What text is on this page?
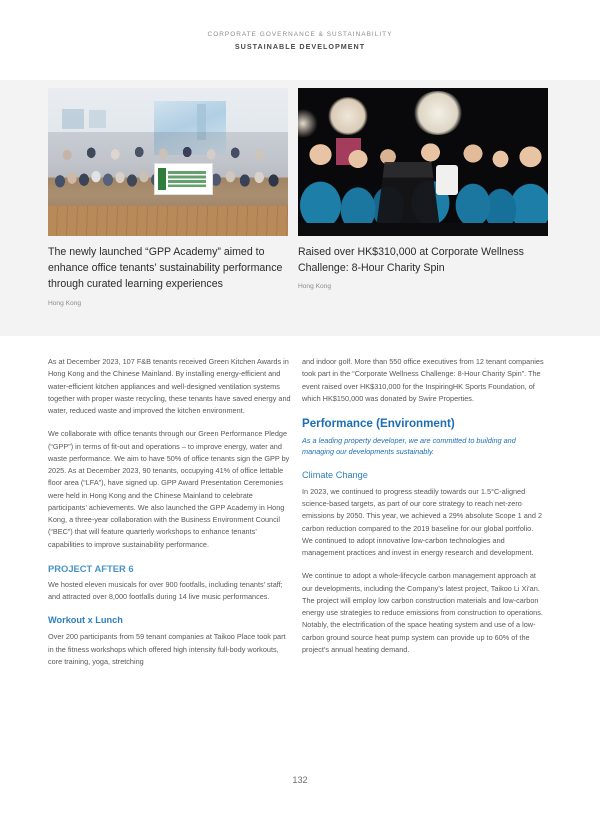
CORPORATE GOVERNANCE & SUSTAINABILITY
SUSTAINABLE DEVELOPMENT
The newly launched “GPP Academy” aimed to enhance office tenants’ sustainability performance through curated learning experiences
Hong Kong
Raised over HK$310,000 at Corporate Wellness Challenge: 8-Hour Charity Spin
Hong Kong

As at December 2023, 107 F&B tenants received Green Kitchen Awards in Hong Kong and the Chinese Mainland. By installing energy-efficient and water-efficient kitchen appliances and well-designed ventilation systems together with proper waste recycling, these tenants have saved energy and water, reduced waste and improved the kitchen environment.

We collaborate with office tenants through our Green Performance Pledge (“GPP”) in terms of fit-out and operations – to improve energy, water and waste performance. We aim to have 50% of office tenants sign the GPP by 2025. As at December 2023, 90 tenants, occupying 41% of office lettable floor area (“LFA”), have signed up. GPP Award Presentation Ceremonies were held in Hong Kong and the Chinese Mainland to celebrate participants’ achievements. We also launched the GPP Academy in Hong Kong, a three-year collaboration with the Business Environment Council (“BEC”) that will feature quarterly workshops to enhance tenants’ capabilities to improve sustainability performance.

PROJECT AFTER 6

We hosted eleven musicals for over 900 footfalls, including tenants’ staff; and attracted over 8,000 footfalls during 14 live music performances.

Workout x Lunch

Over 200 participants from 59 tenant companies at Taikoo Place took part in the fitness workshops which offered high intensity full-body workouts, core training, yoga, stretching

and indoor golf. More than 550 office executives from 12 tenant companies took part in the “Corporate Wellness Challenge: 8-Hour Charity Spin”. The event raised over HK$310,000 for the InspiringHK Sports Foundation, of which HK$150,000 was donated by Swire Properties.

Performance (Environment)

As a leading property developer, we are committed to building and managing our developments sustainably.

Climate Change

In 2023, we continued to progress steadily towards our 1.5°C-aligned science-based targets, as part of our core strategy to reach net-zero emissions by 2050. This year, we achieved a 29% absolute Scope 1 and 2 carbon reduction compared to the 2019 baseline for our global portfolio. We continued to adopt innovative low-carbon technologies and management practices and invest in energy research and development.

We continue to adopt a whole-lifecycle carbon management approach at our developments, including the Company’s latest project, Taikoo Li Xi’an. The project will employ low carbon construction materials and low-carbon energy use strategies to reduce emissions from construction to operations. Notably, the electrification of the space heating system and use of a low-carbon ground source heat pump system can provide up to 60% of the project’s annual heating demand.

132
